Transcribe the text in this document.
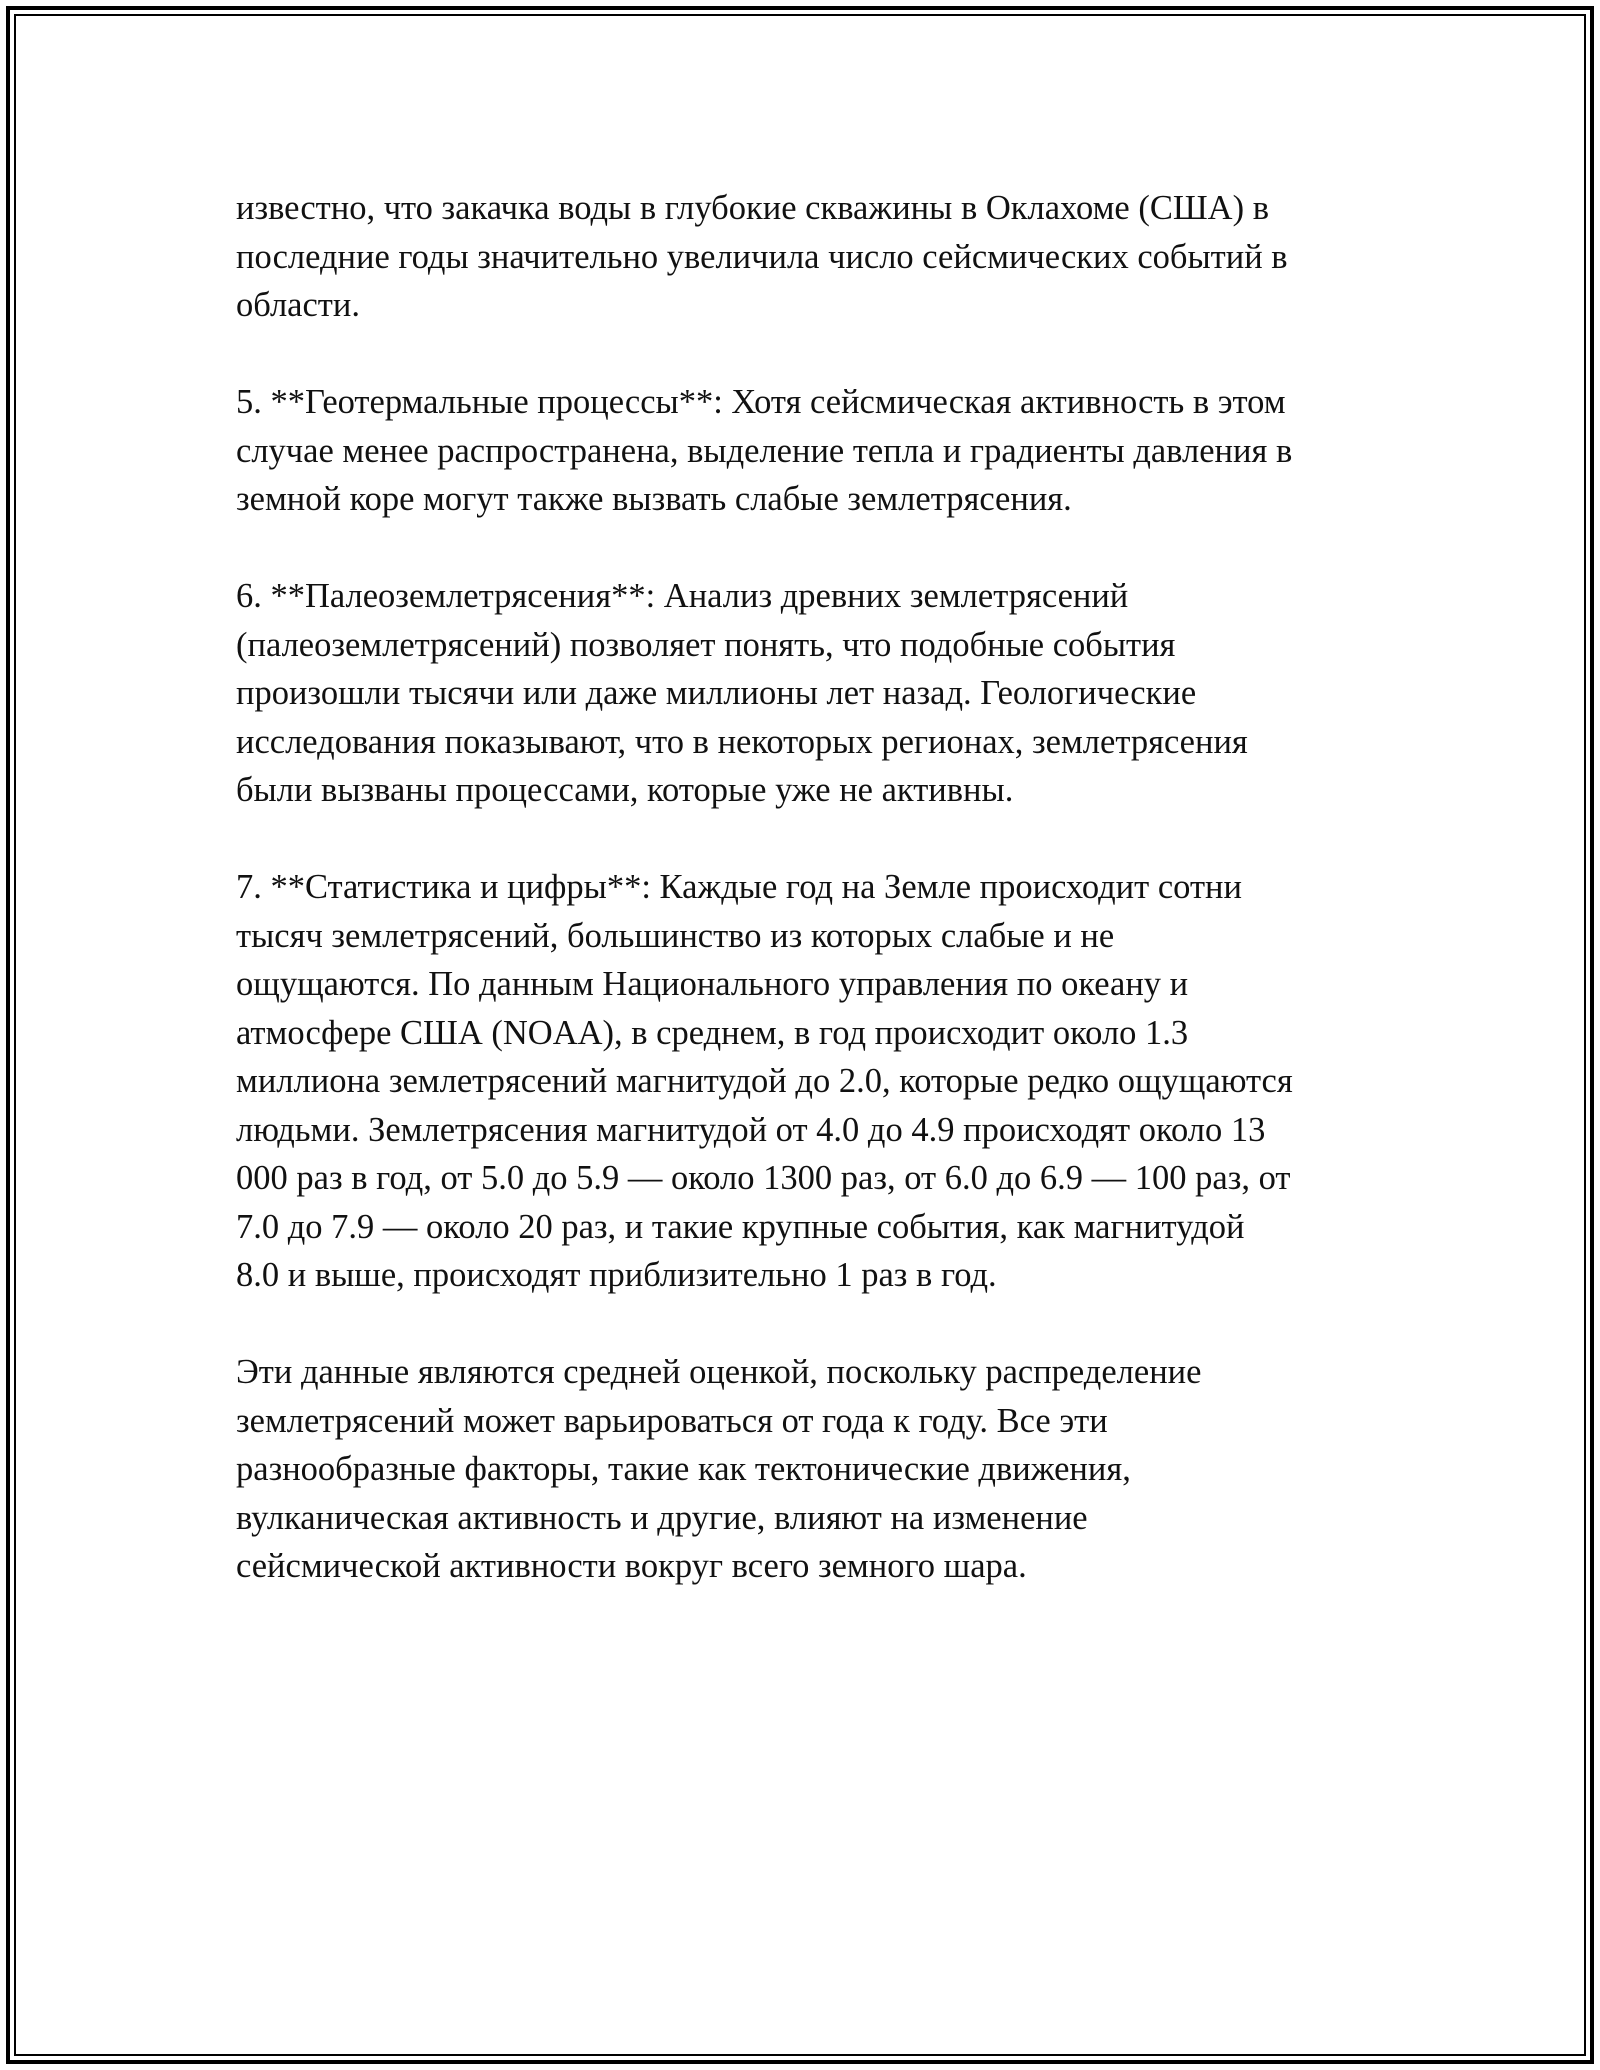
известно, что закачка воды в глубокие скважины в Оклахоме (США) в
последние годы значительно увеличила число сейсмических событий в
области.

5. **Геотермальные процессы**: Хотя сейсмическая активность в этом
случае менее распространена, выделение тепла и градиенты давления в
земной коре могут также вызвать слабые землетрясения.

6. **Палеоземлетрясения**: Анализ древних землетрясений
(палеоземлетрясений) позволяет понять, что подобные события
произошли тысячи или даже миллионы лет назад. Геологические
исследования показывают, что в некоторых регионах, землетрясения
были вызваны процессами, которые уже не активны.

7. **Статистика и цифры**: Каждые год на Земле происходит сотни
тысяч землетрясений, большинство из которых слабые и не
ощущаются. По данным Национального управления по океану и
атмосфере США (NOAA), в среднем, в год происходит около 1.3
миллиона землетрясений магнитудой до 2.0, которые редко ощущаются
людьми. Землетрясения магнитудой от 4.0 до 4.9 происходят около 13
000 раз в год, от 5.0 до 5.9 — около 1300 раз, от 6.0 до 6.9 — 100 раз, от
7.0 до 7.9 — около 20 раз, и такие крупные события, как магнитудой
8.0 и выше, происходят приблизительно 1 раз в год.

Эти данные являются средней оценкой, поскольку распределение
землетрясений может варьироваться от года к году. Все эти
разнообразные факторы, такие как тектонические движения,
вулканическая активность и другие, влияют на изменение
сейсмической активности вокруг всего земного шара.
